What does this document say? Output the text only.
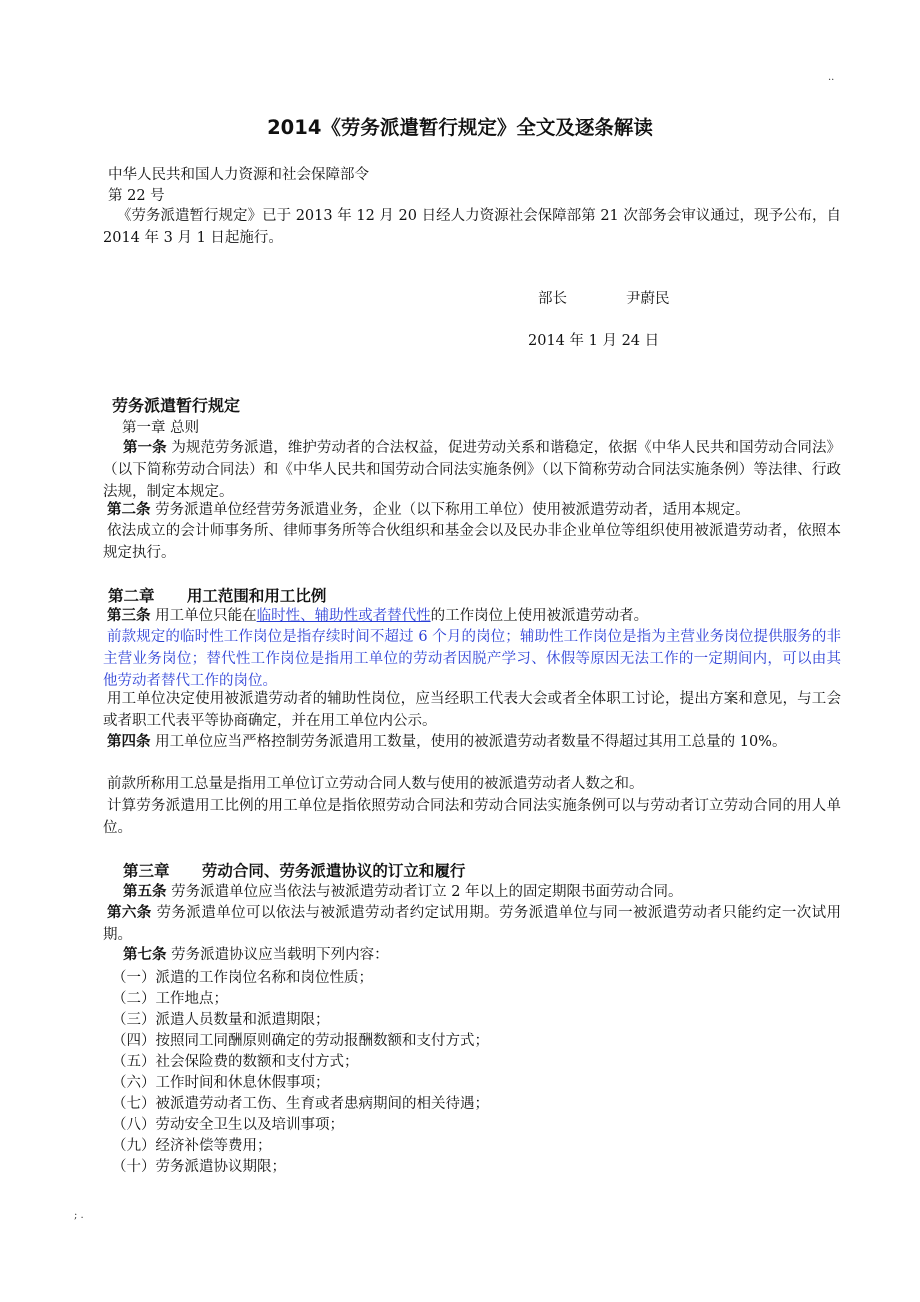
..
; .
2014《劳务派遣暂行规定》全文及逐条解读
中华人民共和国人力资源和社会保障部令
第 22 号
《劳务派遣暂行规定》已于 2013 年 12 月 20 日经人力资源社会保障部第 21 次部务会审议通过，现予公布，自 2014 年 3 月 1 日起施行。
部长	尹蔚民
2014 年 1 月 24 日
劳务派遣暂行规定
第一章 总则
第一条 为规范劳务派遣，维护劳动者的合法权益，促进劳动关系和谐稳定，依据《中华人民共和国劳动合同法》（以下简称劳动合同法）和《中华人民共和国劳动合同法实施条例》（以下简称劳动合同法实施条例）等法律、行政法规，制定本规定。
第二条 劳务派遣单位经营劳务派遣业务，企业（以下称用工单位）使用被派遣劳动者，适用本规定。
依法成立的会计师事务所、律师事务所等合伙组织和基金会以及民办非企业单位等组织使用被派遣劳动者，依照本规定执行。
第二章      用工范围和用工比例
第三条 用工单位只能在临时性、辅助性或者替代性的工作岗位上使用被派遣劳动者。
前款规定的临时性工作岗位是指存续时间不超过 6 个月的岗位；辅助性工作岗位是指为主营业务岗位提供服务的非主营业务岗位；替代性工作岗位是指用工单位的劳动者因脱产学习、休假等原因无法工作的一定期间内，可以由其他劳动者替代工作的岗位。
用工单位决定使用被派遣劳动者的辅助性岗位，应当经职工代表大会或者全体职工讨论，提出方案和意见，与工会或者职工代表平等协商确定，并在用工单位内公示。
第四条 用工单位应当严格控制劳务派遣用工数量，使用的被派遣劳动者数量不得超过其用工总量的 10%。
前款所称用工总量是指用工单位订立劳动合同人数与使用的被派遣劳动者人数之和。
计算劳务派遣用工比例的用工单位是指依照劳动合同法和劳动合同法实施条例可以与劳动者订立劳动合同的用人单位。
第三章      劳动合同、劳务派遣协议的订立和履行
第五条 劳务派遣单位应当依法与被派遣劳动者订立 2 年以上的固定期限书面劳动合同。
第六条 劳务派遣单位可以依法与被派遣劳动者约定试用期。劳务派遣单位与同一被派遣劳动者只能约定一次试用期。
第七条 劳务派遣协议应当载明下列内容：
（一）派遣的工作岗位名称和岗位性质；
（二）工作地点；
（三）派遣人员数量和派遣期限；
（四）按照同工同酬原则确定的劳动报酬数额和支付方式；
（五）社会保险费的数额和支付方式；
（六）工作时间和休息休假事项；
（七）被派遣劳动者工伤、生育或者患病期间的相关待遇；
（八）劳动安全卫生以及培训事项；
（九）经济补偿等费用；
（十）劳务派遣协议期限；
